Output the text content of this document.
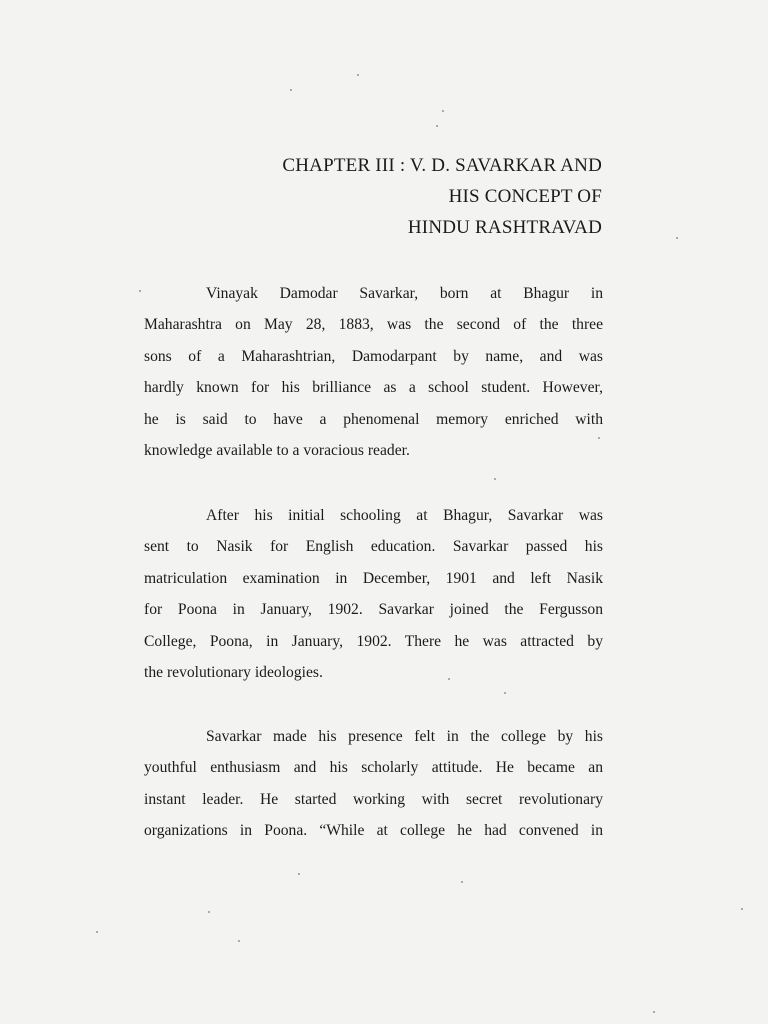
CHAPTER III : V. D. SAVARKAR AND
HIS CONCEPT OF
HINDU RASHTRAVAD
Vinayak Damodar Savarkar, born at Bhagur in
Maharashtra on May 28, 1883, was the second of the three
sons of a Maharashtrian, Damodarpant by name, and was
hardly known for his brilliance as a school student. However,
he is said to have a phenomenal memory enriched with
knowledge available to a voracious reader.
After his initial schooling at Bhagur, Savarkar was
sent to Nasik for English education. Savarkar passed his
matriculation examination in December, 1901 and left Nasik
for Poona in January, 1902. Savarkar joined the Fergusson
College, Poona, in January, 1902. There he was attracted by
the revolutionary ideologies.
Savarkar made his presence felt in the college by his
youthful enthusiasm and his scholarly attitude. He became an
instant leader. He started working with secret revolutionary
organizations in Poona. “While at college he had convened in
